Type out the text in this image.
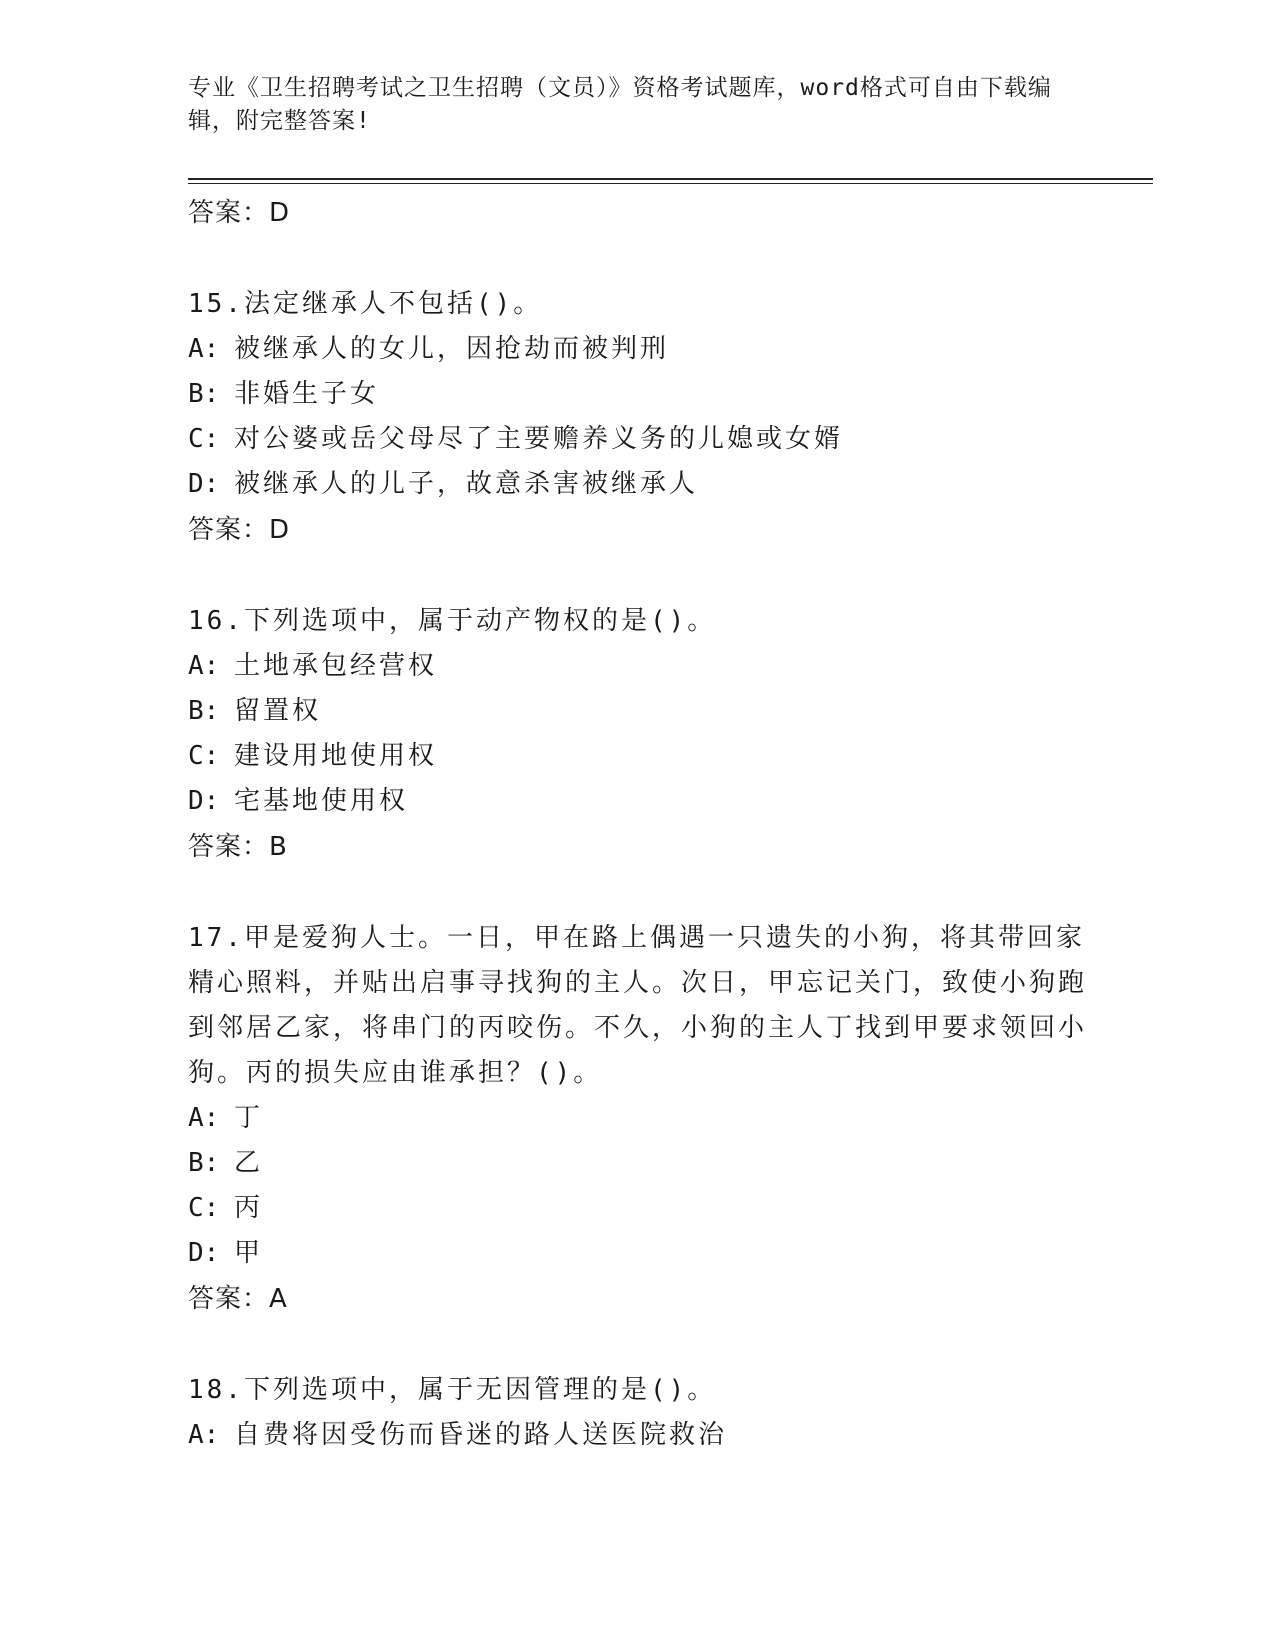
专业《卫生招聘考试之卫生招聘（文员）》资格考试题库，word格式可自由下载编辑，附完整答案!
答案：D
15.法定继承人不包括()。
A: 被继承人的女儿，因抢劫而被判刑
B: 非婚生子女
C: 对公婆或岳父母尽了主要赡养义务的儿媳或女婿
D: 被继承人的儿子，故意杀害被继承人
答案：D
16.下列选项中，属于动产物权的是()。
A: 土地承包经营权
B: 留置权
C: 建设用地使用权
D: 宅基地使用权
答案：B
17.甲是爱狗人士。一日，甲在路上偶遇一只遗失的小狗，将其带回家精心照料，并贴出启事寻找狗的主人。次日，甲忘记关门，致使小狗跑到邻居乙家，将串门的丙咬伤。不久，小狗的主人丁找到甲要求领回小狗。丙的损失应由谁承担？()。
A: 丁
B: 乙
C: 丙
D: 甲
答案：A
18.下列选项中，属于无因管理的是()。
A: 自费将因受伤而昏迷的路人送医院救治
